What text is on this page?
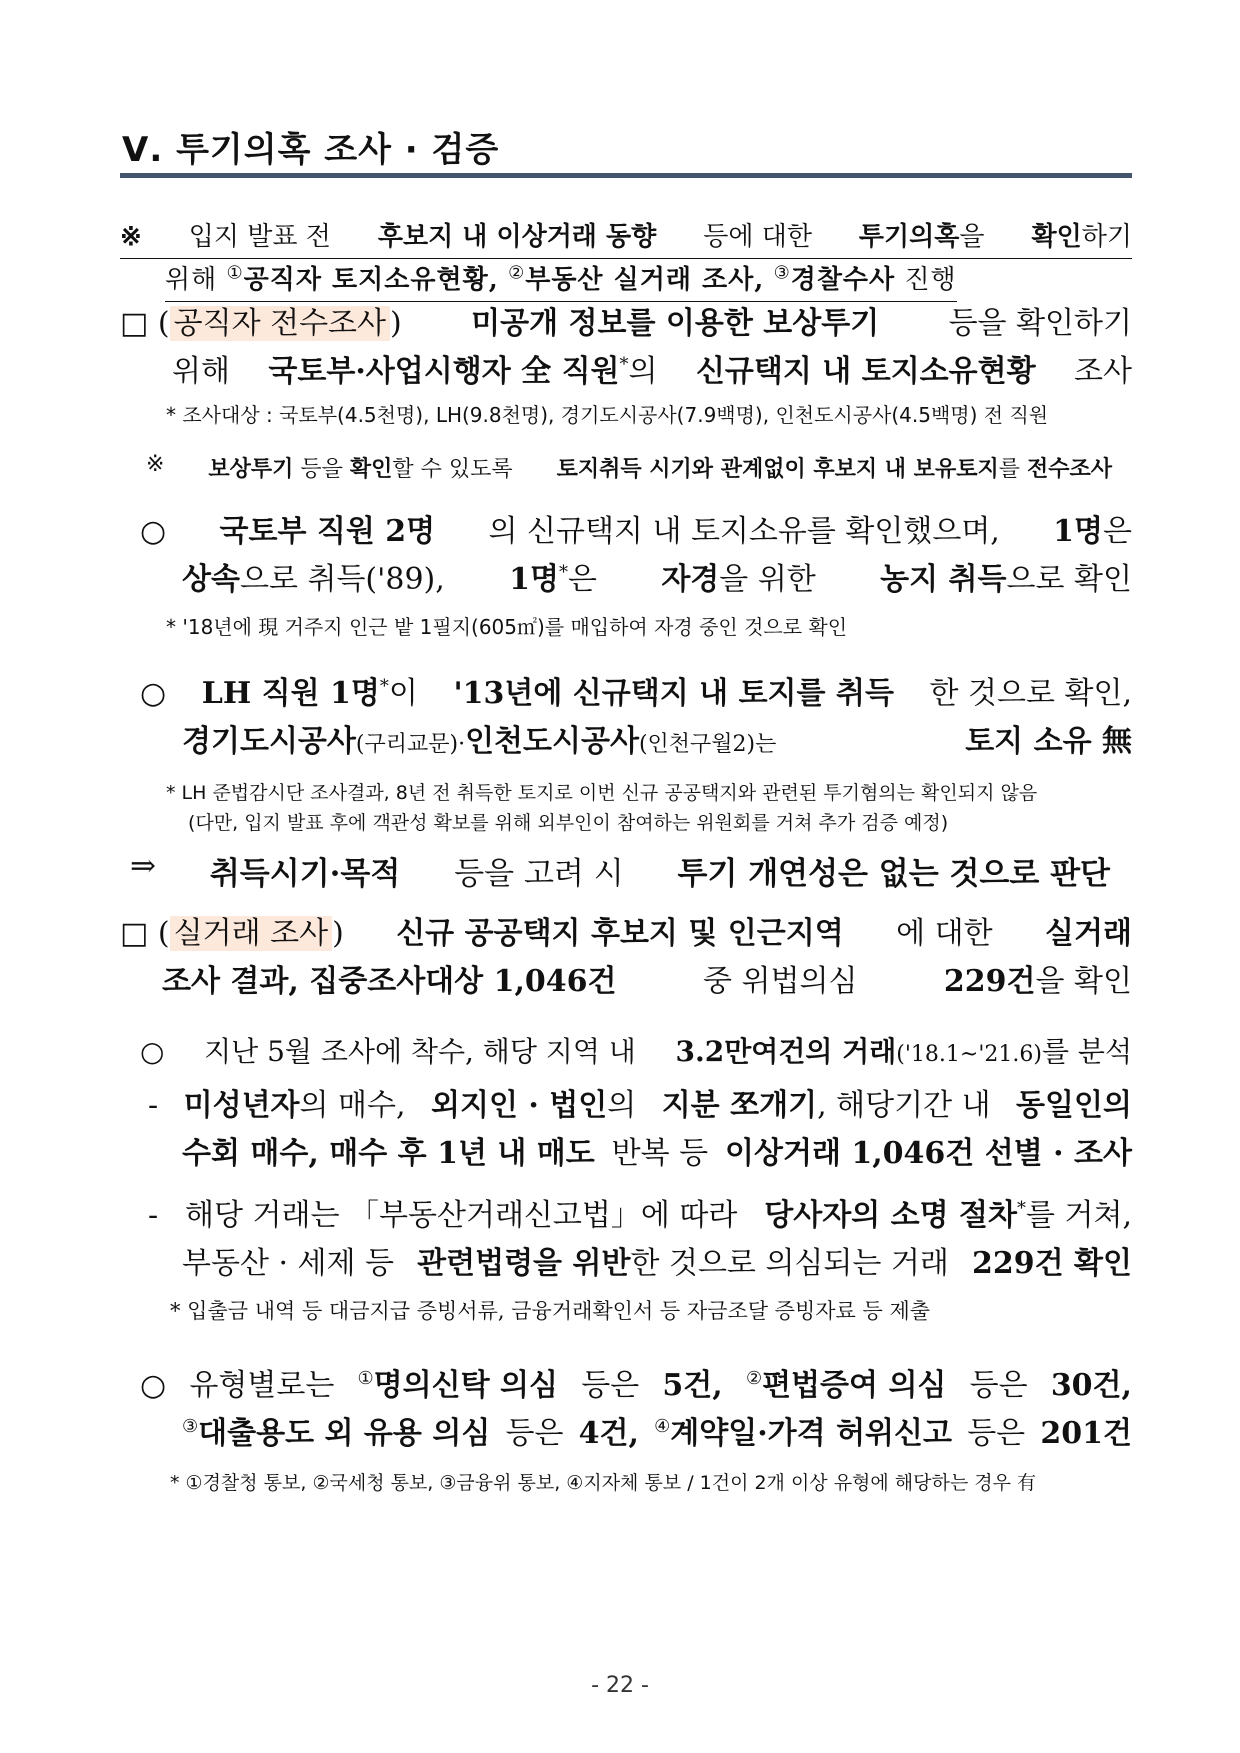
Ⅴ. 투기의혹 조사 · 검증
※ 입지 발표 전 후보지 내 이상거래 동향 등에 대한 투기의혹을 확인하기
위해 ①공직자 토지소유현황, ②부동산 실거래 조사, ③경찰수사 진행
□ ( 공직자 전수조사 ) 미공개 정보를 이용한 보상투기 등을 확인하기
위해 국토부·사업시행자 全 직원*의 신규택지 내 토지소유현황 조사
* 조사대상 : 국토부(4.5천명), LH(9.8천명), 경기도시공사(7.9백명), 인천도시공사(4.5백명) 전 직원
※ 보상투기 등을 확인할 수 있도록 토지취득 시기와 관계없이 후보지 내 보유토지를 전수조사
○ 국토부 직원 2명 의 신규택지 내 토지소유를 확인했으며, 1명은
상속으로 취득('89), 1명*은 자경을 위한 농지 취득으로 확인
* '18년에 現 거주지 인근 밭 1필지(605㎡)를 매입하여 자경 중인 것으로 확인
○ LH 직원 1명*이 '13년에 신규택지 내 토지를 취득 한 것으로 확인,
경기도시공사(구리교문)·인천도시공사(인천구월2)는	토지 소유 無
* LH 준법감시단 조사결과, 8년 전 취득한 토지로 이번 신규 공공택지와 관련된 투기혐의는 확인되지 않음
(다만, 입지 발표 후에 객관성 확보를 위해 외부인이 참여하는 위원회를 거쳐 추가 검증 예정)
⇒ 취득시기·목적 등을 고려 시 투기 개연성은 없는 것으로 판단
□ ( 실거래 조사 ) 신규 공공택지 후보지 및 인근지역 에 대한 실거래
조사 결과, 집중조사대상 1,046건	중 위법의심	229건을 확인
○ 지난 5월 조사에 착수, 해당 지역 내 3.2만여건의 거래('18.1~'21.6)를 분석
- 미성년자의 매수, 외지인 · 법인의 지분 쪼개기, 해당기간 내 동일인의
수회 매수, 매수 후 1년 내 매도 반복 등 이상거래 1,046건 선별 · 조사
- 해당 거래는 「부동산거래신고법」에 따라 당사자의 소명 절차*를 거쳐,
부동산 · 세제 등 관련법령을 위반한 것으로 의심되는 거래 229건 확인
* 입출금 내역 등 대금지급 증빙서류, 금융거래확인서 등 자금조달 증빙자료 등 제출
○ 유형별로는 ①명의신탁 의심 등은 5건, ②편법증여 의심 등은 30건,
③대출용도 외 유용 의심 등은 4건, ④계약일·가격 허위신고 등은 201건
* ①경찰청 통보, ②국세청 통보, ③금융위 통보, ④지자체 통보 / 1건이 2개 이상 유형에 해당하는 경우 有
- 22 -
